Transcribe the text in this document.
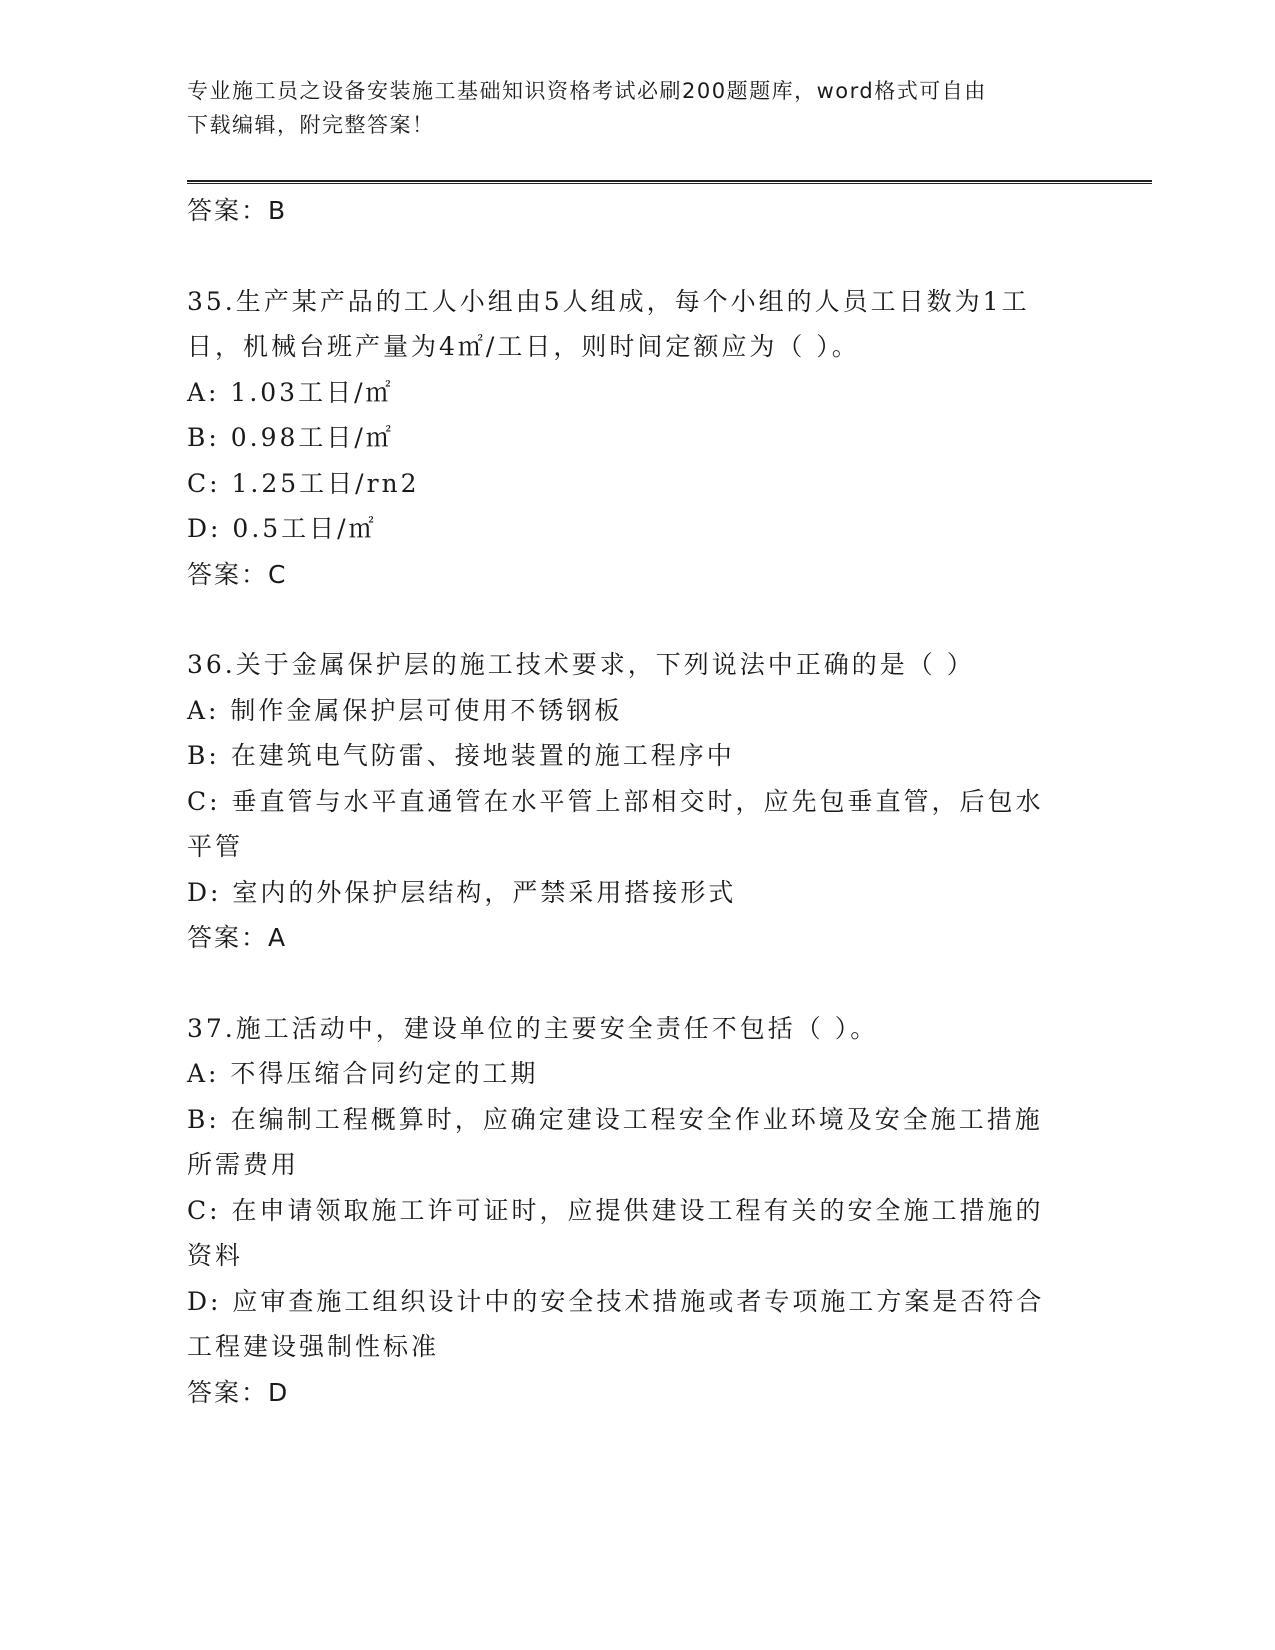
专业施工员之设备安装施工基础知识资格考试必刷200题题库，word格式可自由
下载编辑，附完整答案！
答案：B
35.生产某产品的工人小组由5人组成，每个小组的人员工日数为1工
日，机械台班产量为4㎡/工日，则时间定额应为（ ）。
A: 1.03工日/㎡
B: 0.98工日/㎡
C: 1.25工日/rn2
D: 0.5工日/㎡
答案：C
36.关于金属保护层的施工技术要求，下列说法中正确的是（ ）
A: 制作金属保护层可使用不锈钢板
B: 在建筑电气防雷、接地装置的施工程序中
C: 垂直管与水平直通管在水平管上部相交时，应先包垂直管，后包水
平管
D: 室内的外保护层结构，严禁采用搭接形式
答案：A
37.施工活动中，建设单位的主要安全责任不包括（ ）。
A: 不得压缩合同约定的工期
B: 在编制工程概算时，应确定建设工程安全作业环境及安全施工措施
所需费用
C: 在申请领取施工许可证时，应提供建设工程有关的安全施工措施的
资料
D: 应审查施工组织设计中的安全技术措施或者专项施工方案是否符合
工程建设强制性标准
答案：D
